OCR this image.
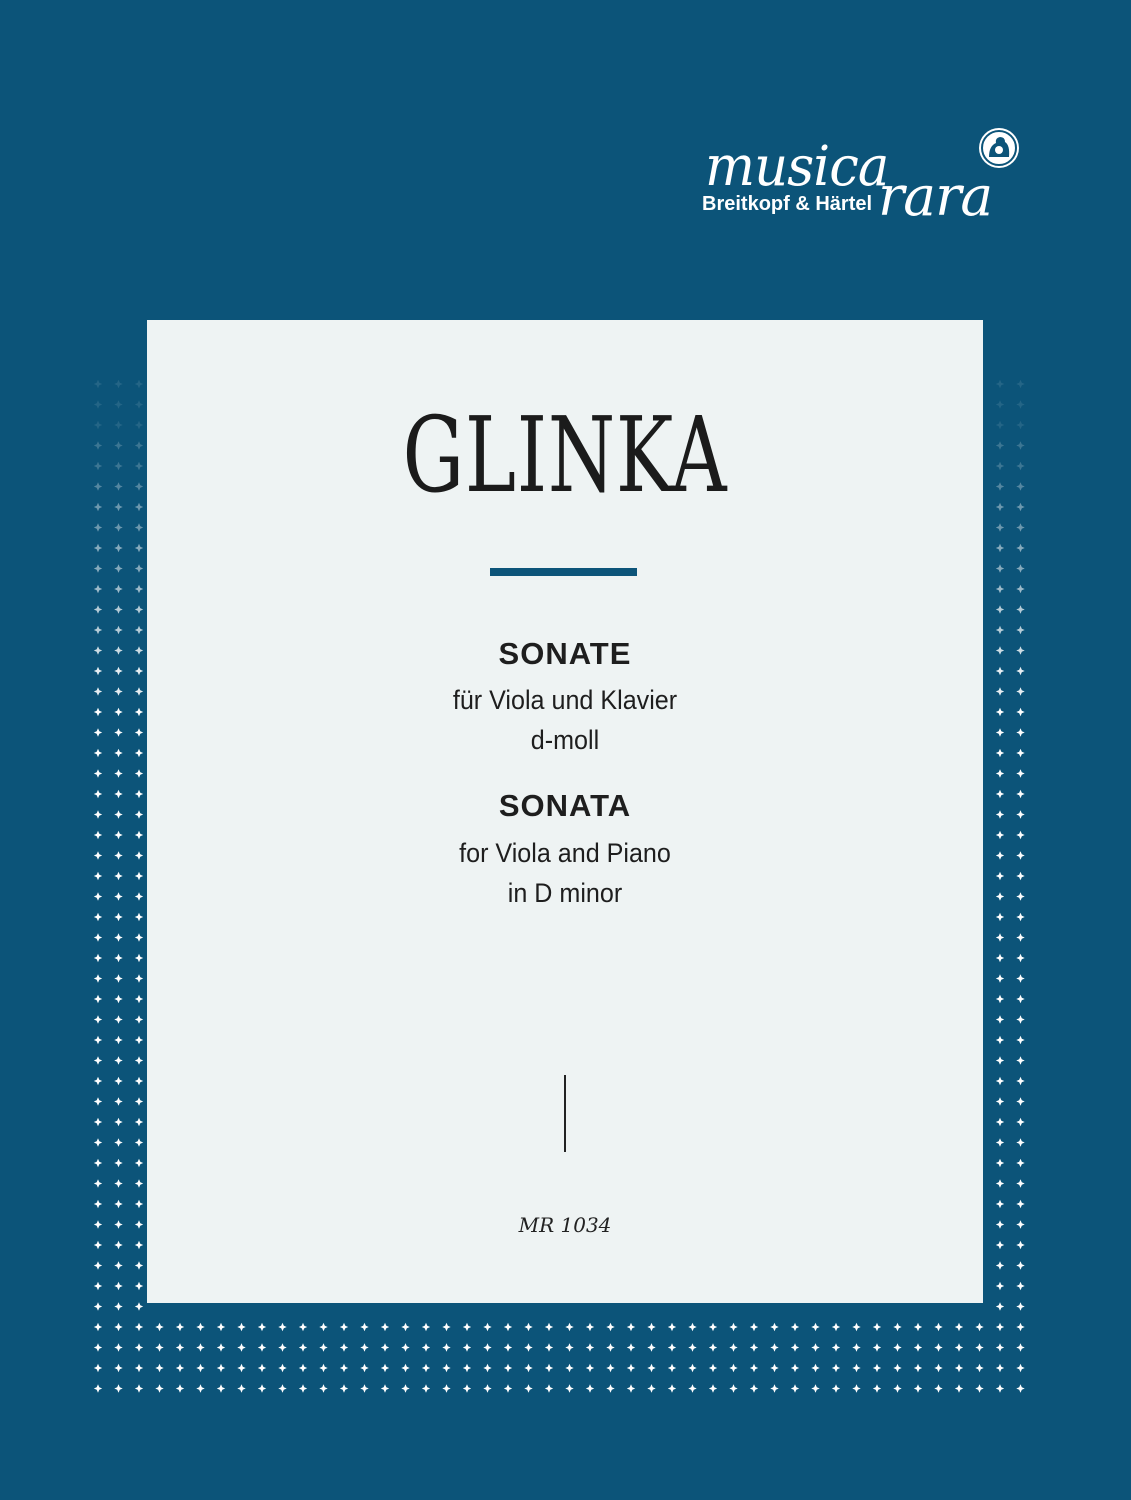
musica
rara
Breitkopf & Härtel
GLINKA

SONATE

für Viola und Klavier

d-moll

SONATA

for Viola and Piano

in D minor

MR 1034
